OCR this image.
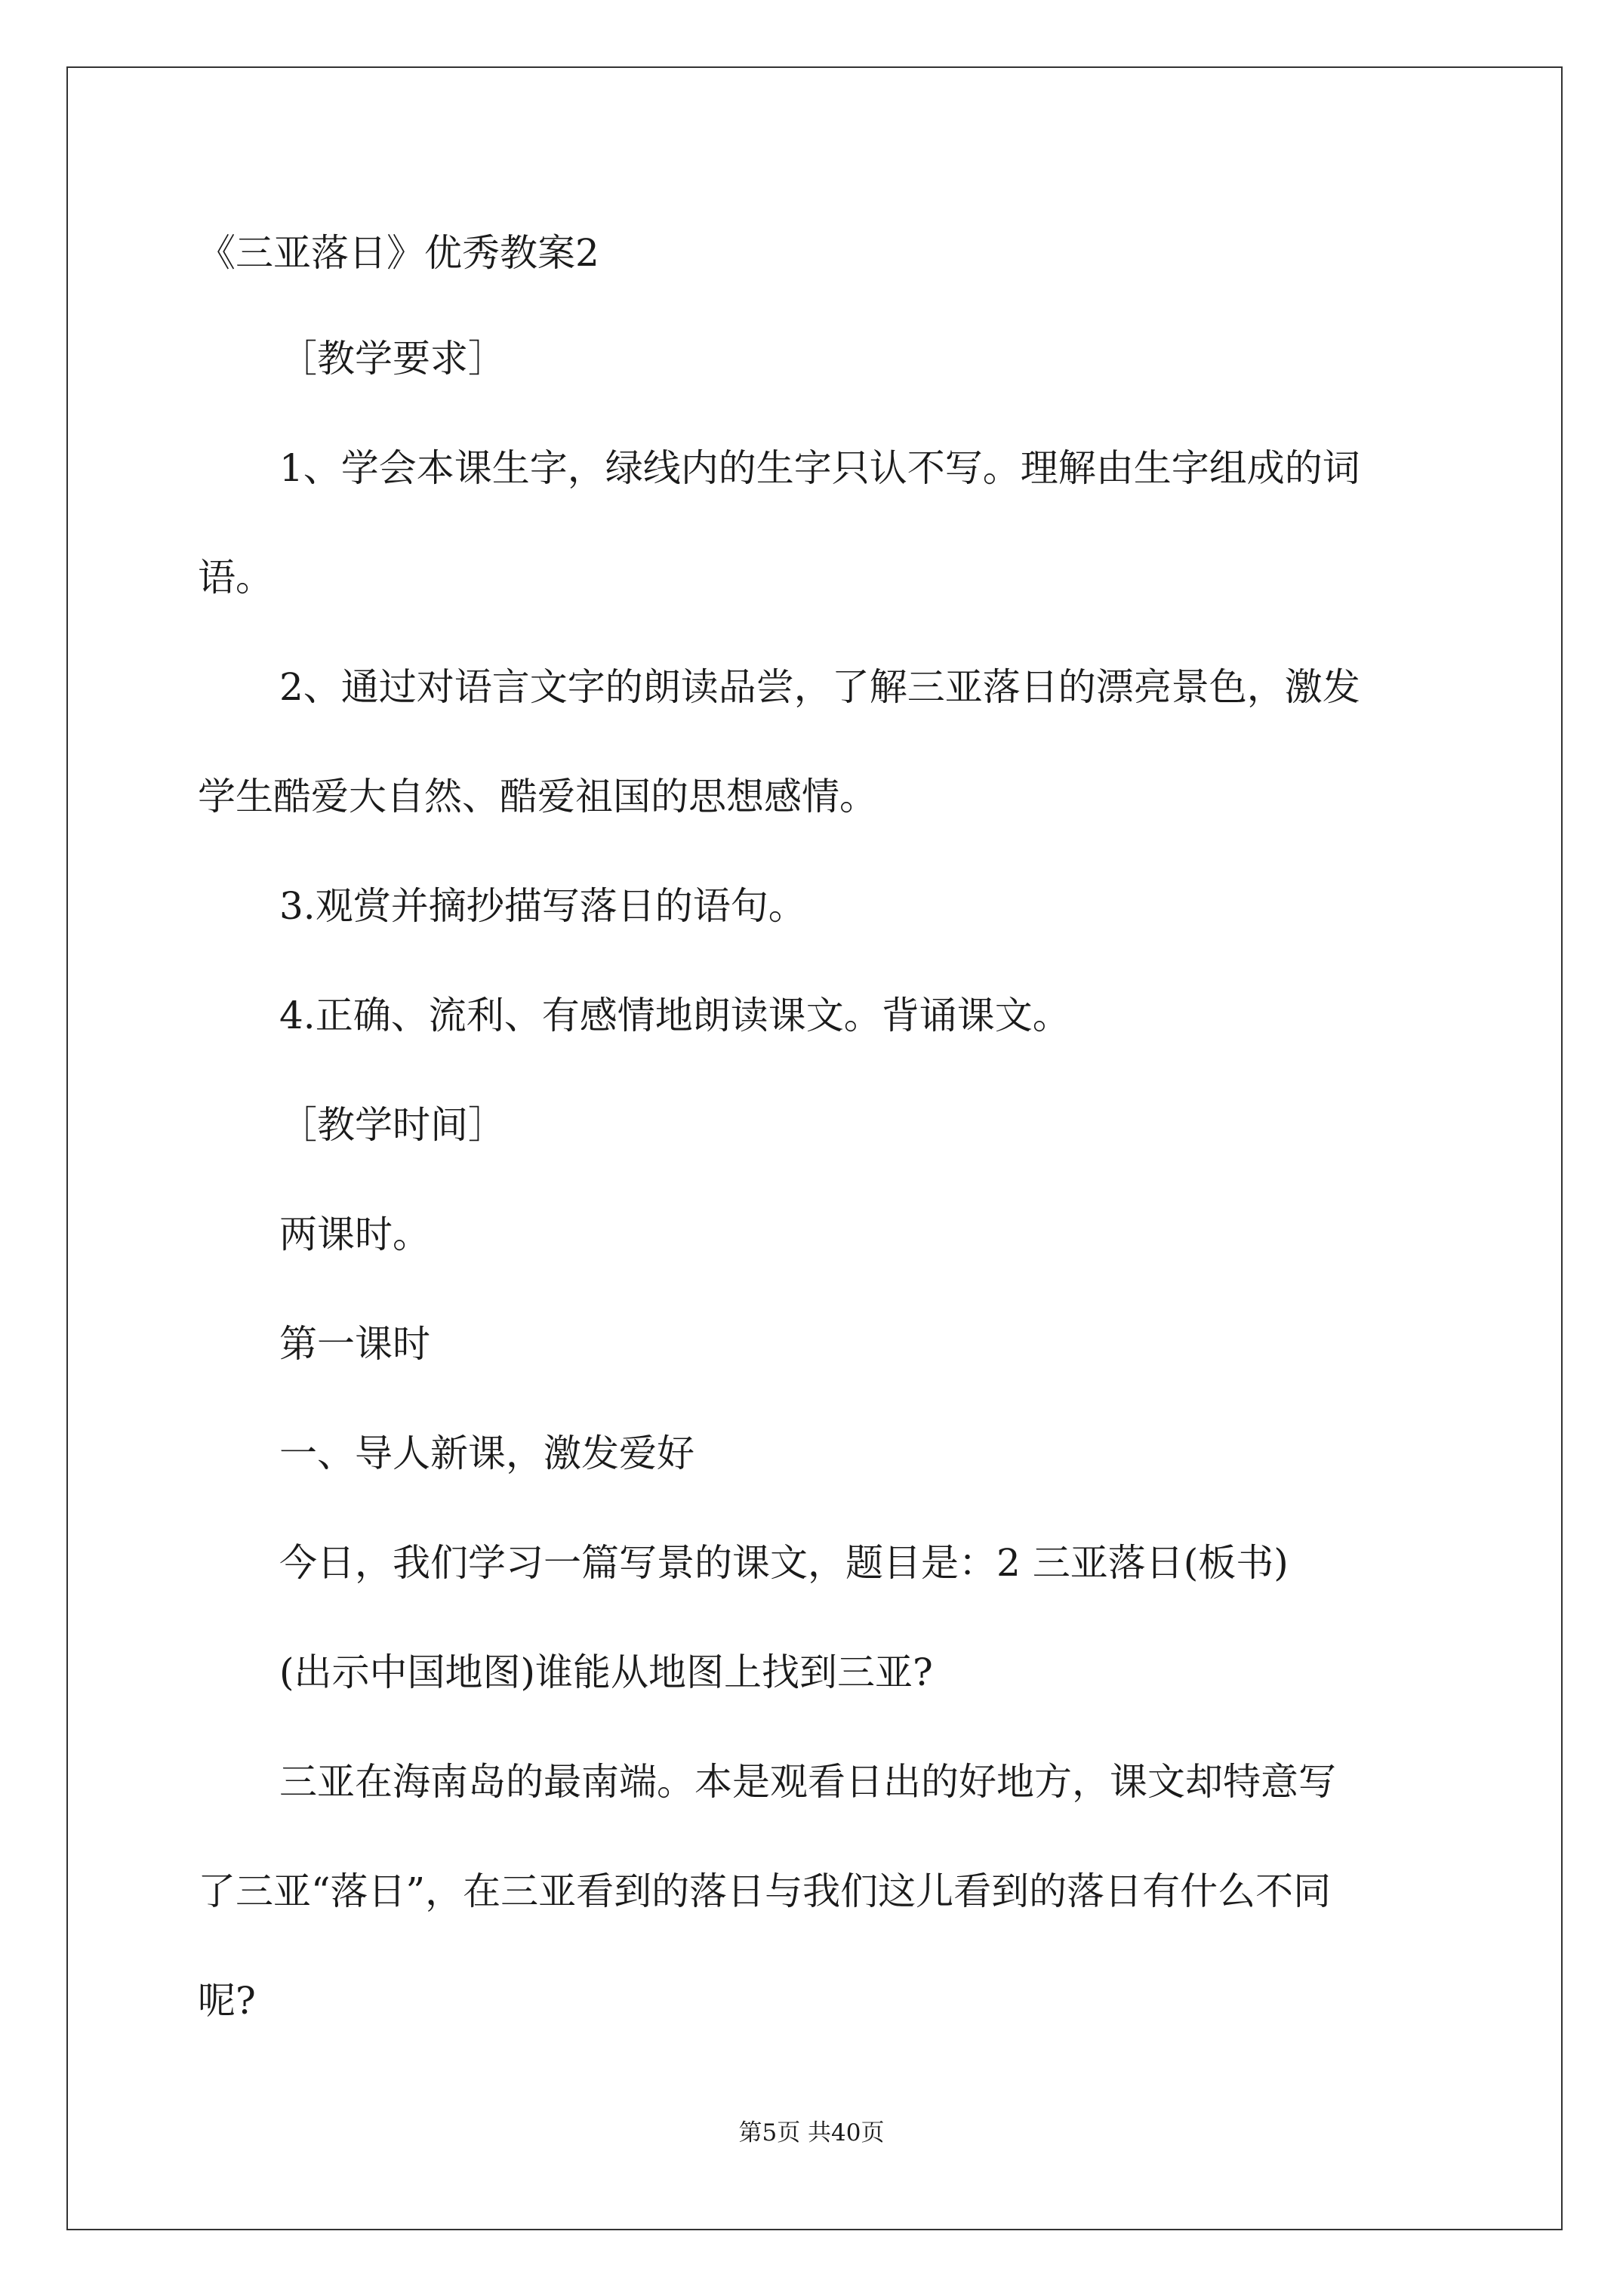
《三亚落日》优秀教案2

［教学要求］

1、学会本课生字，绿线内的生字只认不写。理解由生字组成的词

语。

2、通过对语言文字的朗读品尝，了解三亚落日的漂亮景色，激发

学生酷爱大自然、酷爱祖国的思想感情。

3.观赏并摘抄描写落日的语句。

4.正确、流利、有感情地朗读课文。背诵课文。

［教学时间］

两课时。

第一课时

一、导人新课，激发爱好

今日，我们学习一篇写景的课文，题目是：2 三亚落日(板书)

(出示中国地图)谁能从地图上找到三亚?

三亚在海南岛的最南端。本是观看日出的好地方，课文却特意写

了三亚“落日”，在三亚看到的落日与我们这儿看到的落日有什么不同

呢?

第5页 共40页
